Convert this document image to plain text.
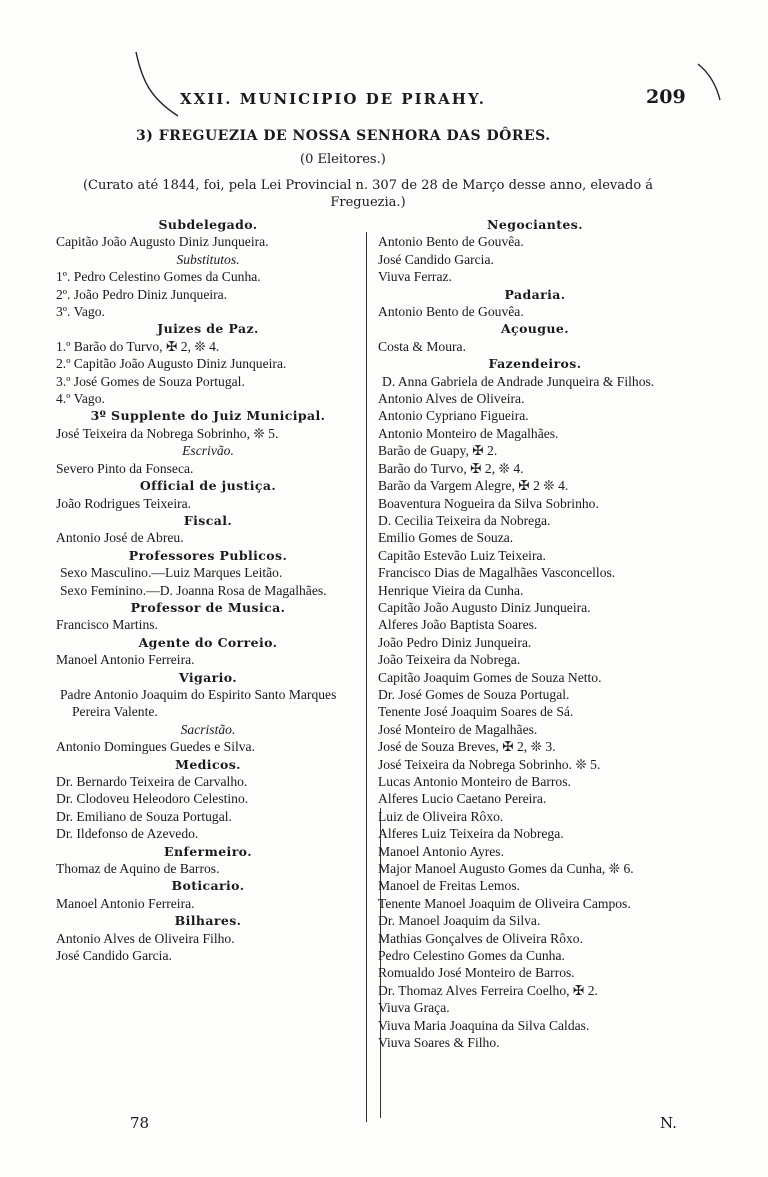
XXII. MUNICIPIO DE PIRAHY.	209
3) FREGUEZIA DE NOSSA SENHORA DAS DÔRES.
(0 Eleitores.)
(Curato até 1844, foi, pela Lei Provincial n. 307 de 28 de Março desse anno, elevado á Freguezia.)
Subdelegado.
Capitão João Augusto Diniz Junqueira.
Substitutos.
1º. Pedro Celestino Gomes da Cunha.
2º. João Pedro Diniz Junqueira.
3º. Vago.
Juizes de Paz.
1.º Barão do Turvo, ✠ 2, ❊ 4.
2.º Capitão João Augusto Diniz Junqueira.
3.º José Gomes de Souza Portugal.
4.º Vago.
3º Supplente do Juiz Municipal.
José Teixeira da Nobrega Sobrinho, ❊ 5.
Escrivão.
Severo Pinto da Fonseca.
Official de justiça.
João Rodrigues Teixeira.
Fiscal.
Antonio José de Abreu.
Professores Publicos.
Sexo Masculino.—Luiz Marques Leitão.
Sexo Feminino.—D. Joanna Rosa de Magalhães.
Professor de Musica.
Francisco Martins.
Agente do Correio.
Manoel Antonio Ferreira.
Vigario.
Padre Antonio Joaquim do Espirito Santo Marques Pereira Valente.
Sacristão.
Antonio Domingues Guedes e Silva.
Medicos.
Dr. Bernardo Teixeira de Carvalho.
Dr. Clodoveu Heleodoro Celestino.
Dr. Emiliano de Souza Portugal.
Dr. Ildefonso de Azevedo.
Enfermeiro.
Thomaz de Aquino de Barros.
Boticario.
Manoel Antonio Ferreira.
Bilhares.
Antonio Alves de Oliveira Filho.
José Candido Garcia.
Negociantes.
Antonio Bento de Gouvêa.
José Candido Garcia.
Viuva Ferraz.
Padaria.
Antonio Bento de Gouvêa.
Açougue.
Costa & Moura.
Fazendeiros.
D. Anna Gabriela de Andrade Junqueira & Filhos.
Antonio Alves de Oliveira.
Antonio Cypriano Figueira.
Antonio Monteiro de Magalhães.
Barão de Guapy, ✠ 2.
Barão do Turvo, ✠ 2, ❊ 4.
Barão da Vargem Alegre, ✠ 2 ❊ 4.
Boaventura Nogueira da Silva Sobrinho.
D. Cecilia Teixeira da Nobrega.
Emilio Gomes de Souza.
Capitão Estevão Luiz Teixeira.
Francisco Dias de Magalhães Vasconcellos.
Henrique Vieira da Cunha.
Capitão João Augusto Diniz Junqueira.
Alferes João Baptista Soares.
João Pedro Diniz Junqueira.
João Teixeira da Nobrega.
Capitão Joaquim Gomes de Souza Netto.
Dr. José Gomes de Souza Portugal.
Tenente José Joaquim Soares de Sá.
José Monteiro de Magalhães.
José de Souza Breves, ✠ 2, ❊ 3.
José Teixeira da Nobrega Sobrinho. ❊ 5.
Lucas Antonio Monteiro de Barros.
Alferes Lucio Caetano Pereira.
Luiz de Oliveira Rôxo.
Alferes Luiz Teixeira da Nobrega.
Manoel Antonio Ayres.
Major Manoel Augusto Gomes da Cunha, ❊ 6.
Manoel de Freitas Lemos.
Tenente Manoel Joaquim de Oliveira Campos.
Dr. Manoel Joaquim da Silva.
Mathias Gonçalves de Oliveira Rôxo.
Pedro Celestino Gomes da Cunha.
Romualdo José Monteiro de Barros.
Dr. Thomaz Alves Ferreira Coelho, ✠ 2.
Viuva Graça.
Viuva Maria Joaquina da Silva Caldas.
Viuva Soares & Filho.
78	N.
